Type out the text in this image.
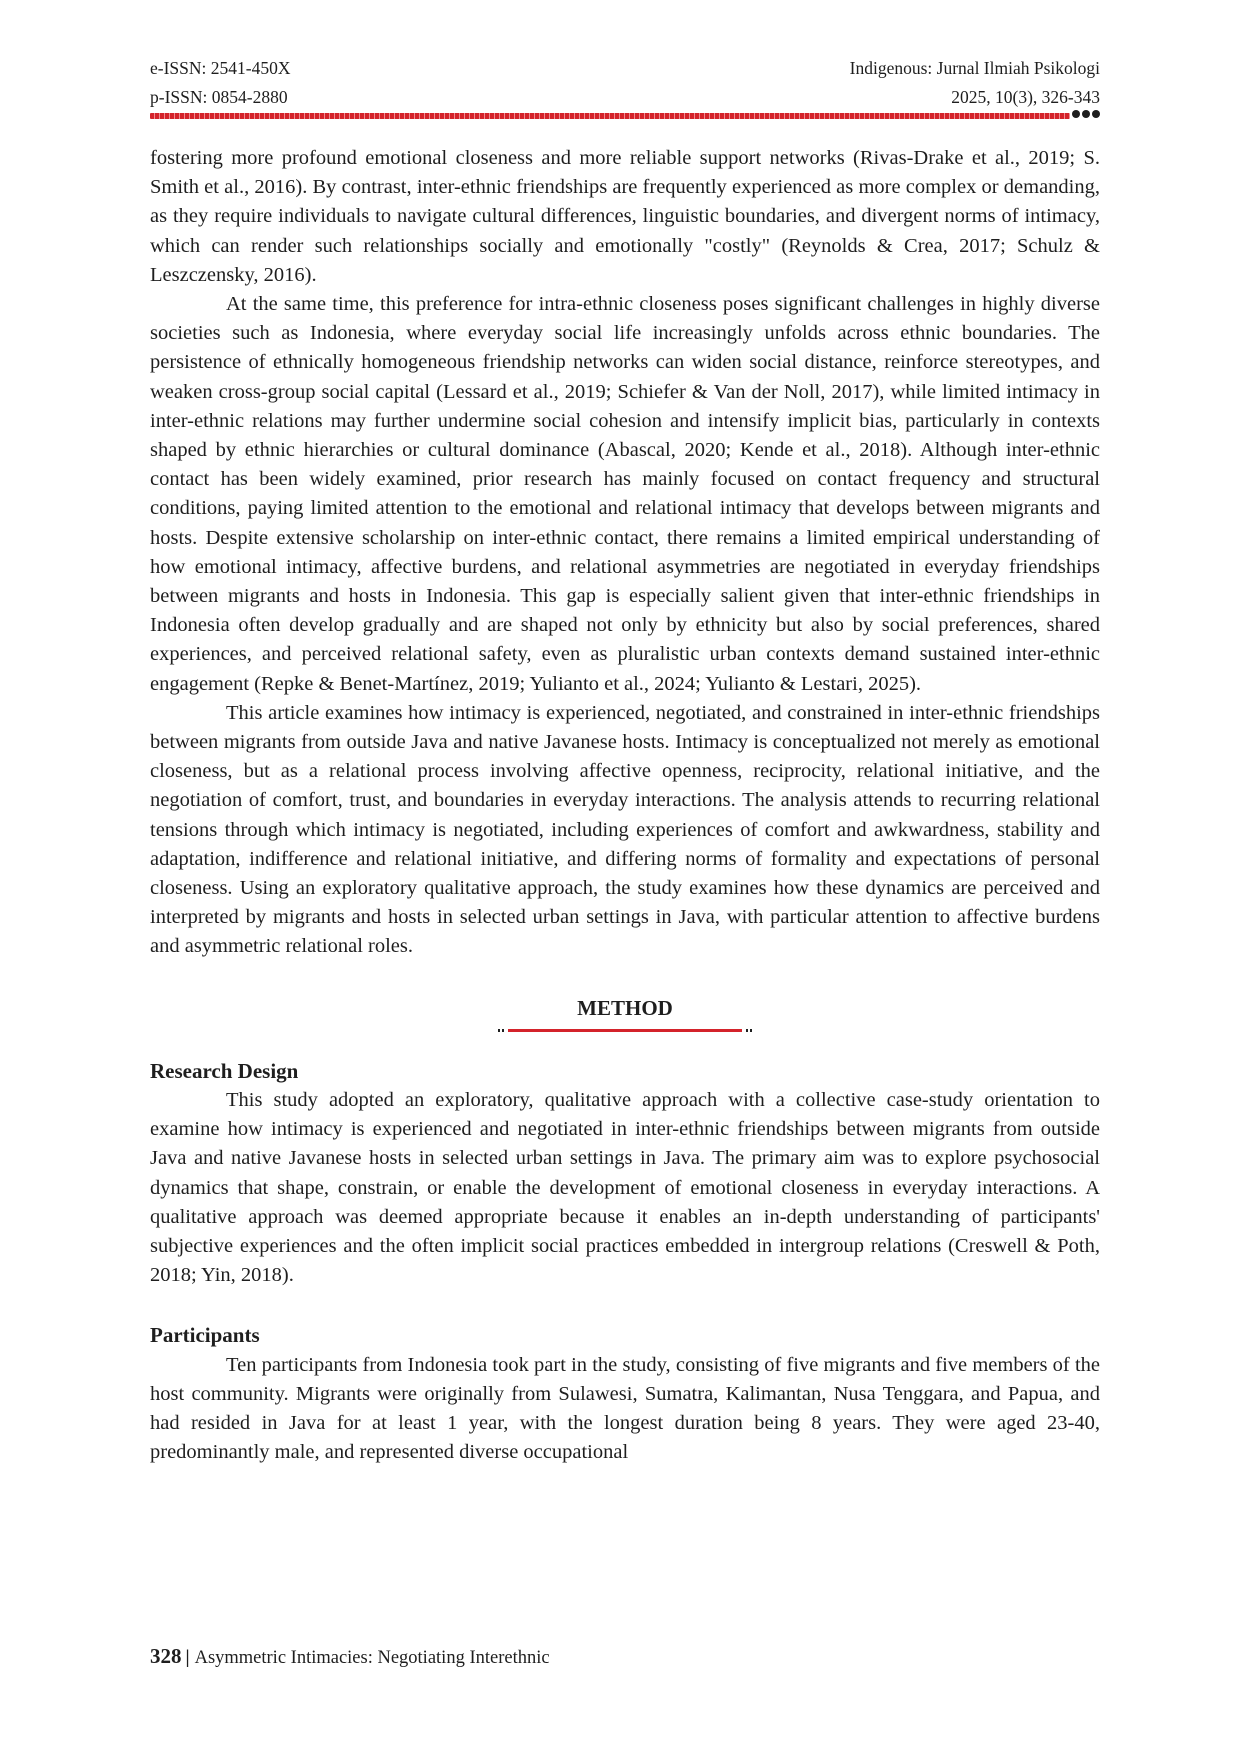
e-ISSN: 2541-450X	Indigenous: Jurnal Ilmiah Psikologi
p-ISSN: 0854-2880	2025, 10(3), 326-343

fostering more profound emotional closeness and more reliable support networks (Rivas-Drake et al., 2019; S. Smith et al., 2016). By contrast, inter-ethnic friendships are frequently experienced as more complex or demanding, as they require individuals to navigate cultural differences, linguistic boundaries, and divergent norms of intimacy, which can render such relationships socially and emotionally "costly" (Reynolds & Crea, 2017; Schulz & Leszczensky, 2016).

At the same time, this preference for intra-ethnic closeness poses significant challenges in highly diverse societies such as Indonesia, where everyday social life increasingly unfolds across ethnic boundaries. The persistence of ethnically homogeneous friendship networks can widen social distance, reinforce stereotypes, and weaken cross-group social capital (Lessard et al., 2019; Schiefer & Van der Noll, 2017), while limited intimacy in inter-ethnic relations may further undermine social cohesion and intensify implicit bias, particularly in contexts shaped by ethnic hierarchies or cultural dominance (Abascal, 2020; Kende et al., 2018). Although inter-ethnic contact has been widely examined, prior research has mainly focused on contact frequency and structural conditions, paying limited attention to the emotional and relational intimacy that develops between migrants and hosts. Despite extensive scholarship on inter-ethnic contact, there remains a limited empirical understanding of how emotional intimacy, affective burdens, and relational asymmetries are negotiated in everyday friendships between migrants and hosts in Indonesia. This gap is especially salient given that inter-ethnic friendships in Indonesia often develop gradually and are shaped not only by ethnicity but also by social preferences, shared experiences, and perceived relational safety, even as pluralistic urban contexts demand sustained inter-ethnic engagement (Repke & Benet-Martínez, 2019; Yulianto et al., 2024; Yulianto & Lestari, 2025).

This article examines how intimacy is experienced, negotiated, and constrained in inter-ethnic friendships between migrants from outside Java and native Javanese hosts. Intimacy is conceptualized not merely as emotional closeness, but as a relational process involving affective openness, reciprocity, relational initiative, and the negotiation of comfort, trust, and boundaries in everyday interactions. The analysis attends to recurring relational tensions through which intimacy is negotiated, including experiences of comfort and awkwardness, stability and adaptation, indifference and relational initiative, and differing norms of formality and expectations of personal closeness. Using an exploratory qualitative approach, the study examines how these dynamics are perceived and interpreted by migrants and hosts in selected urban settings in Java, with particular attention to affective burdens and asymmetric relational roles.

METHOD
Research Design

This study adopted an exploratory, qualitative approach with a collective case-study orientation to examine how intimacy is experienced and negotiated in inter-ethnic friendships between migrants from outside Java and native Javanese hosts in selected urban settings in Java. The primary aim was to explore psychosocial dynamics that shape, constrain, or enable the development of emotional closeness in everyday interactions. A qualitative approach was deemed appropriate because it enables an in-depth understanding of participants' subjective experiences and the often implicit social practices embedded in intergroup relations (Creswell & Poth, 2018; Yin, 2018).

Participants

Ten participants from Indonesia took part in the study, consisting of five migrants and five members of the host community. Migrants were originally from Sulawesi, Sumatra, Kalimantan, Nusa Tenggara, and Papua, and had resided in Java for at least 1 year, with the longest duration being 8 years. They were aged 23-40, predominantly male, and represented diverse occupational

328 | Asymmetric Intimacies: Negotiating Interethnic
